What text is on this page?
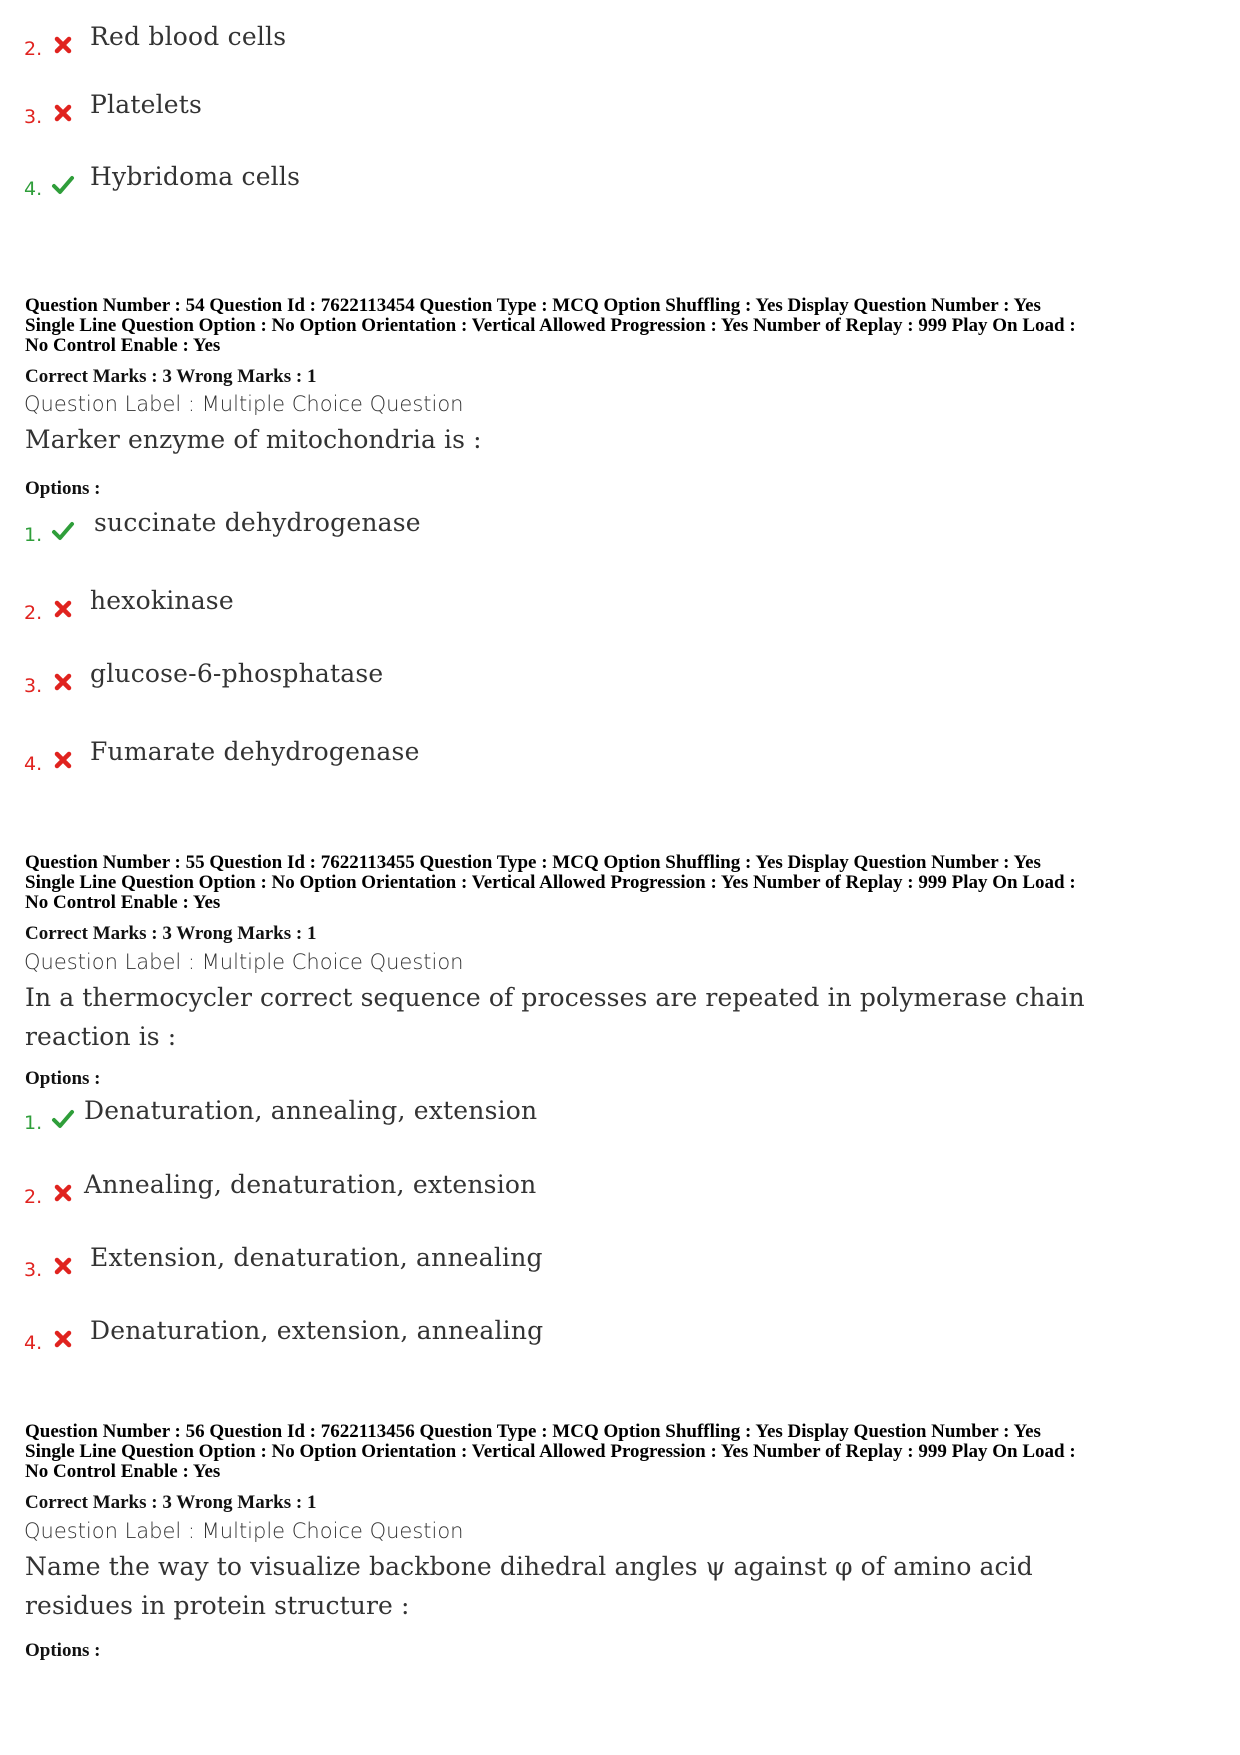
2. Red blood cells
3. Platelets
4. Hybridoma cells

Question Number : 54 Question Id : 7622113454 Question Type : MCQ Option Shuffling : Yes Display Question Number : Yes

Single Line Question Option : No Option Orientation : Vertical Allowed Progression : Yes Number of Replay : 999 Play On Load :

No Control Enable : Yes

Correct Marks : 3 Wrong Marks : 1
Question Label : Multiple Choice Question

Marker enzyme of mitochondria is :

Options :
1. succinate dehydrogenase
2. hexokinase
3. glucose-6-phosphatase
4. Fumarate dehydrogenase

Question Number : 55 Question Id : 7622113455 Question Type : MCQ Option Shuffling : Yes Display Question Number : Yes

Single Line Question Option : No Option Orientation : Vertical Allowed Progression : Yes Number of Replay : 999 Play On Load :

No Control Enable : Yes

Correct Marks : 3 Wrong Marks : 1
Question Label : Multiple Choice Question

In a thermocycler correct sequence of processes are repeated in polymerase chain

reaction is :

Options :
1. Denaturation, annealing, extension
2. Annealing, denaturation, extension
3. Extension, denaturation, annealing
4. Denaturation, extension, annealing

Question Number : 56 Question Id : 7622113456 Question Type : MCQ Option Shuffling : Yes Display Question Number : Yes

Single Line Question Option : No Option Orientation : Vertical Allowed Progression : Yes Number of Replay : 999 Play On Load :

No Control Enable : Yes

Correct Marks : 3 Wrong Marks : 1
Question Label : Multiple Choice Question

Name the way to visualize backbone dihedral angles ψ against φ of amino acid

residues in protein structure :

Options :
